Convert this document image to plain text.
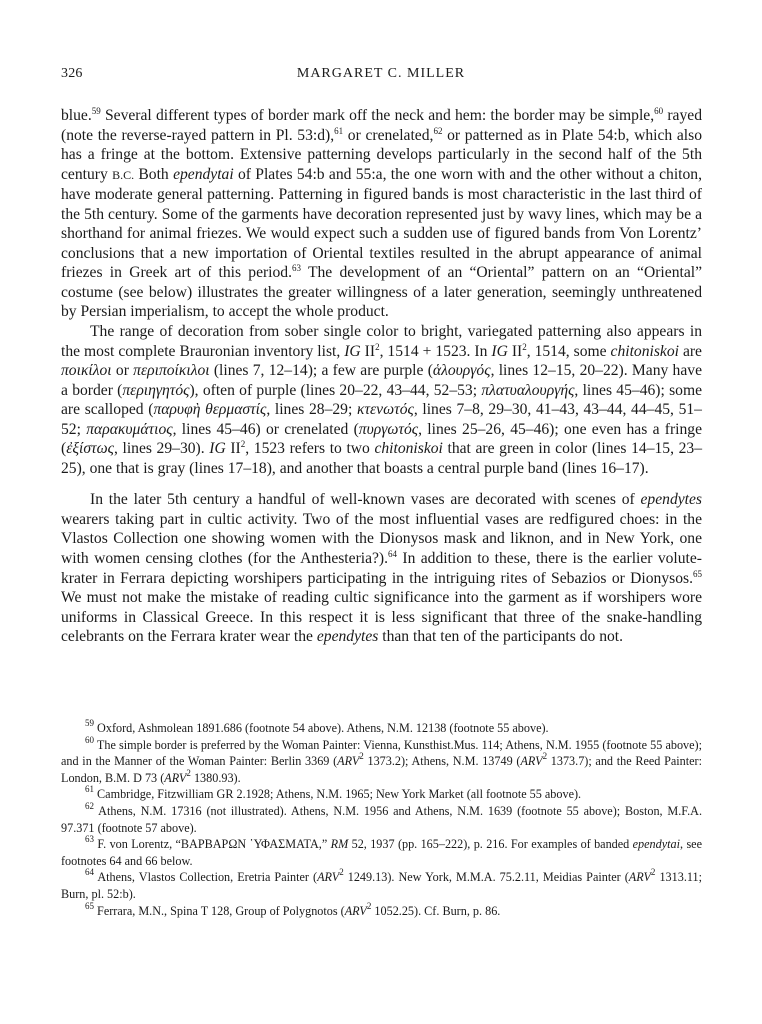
326	MARGARET C. MILLER

blue.$^{59}$ Several different types of border mark off the neck and hem: the border may be simple,$^{60}$ rayed (note the reverse-rayed pattern in Pl. 53:d),$^{61}$ or crenelated,$^{62}$ or patterned as in Plate 54:b, which also has a fringe at the bottom. Extensive patterning develops particularly in the second half of the 5th century B.C. Both ependytai of Plates 54:b and 55:a, the one worn with and the other without a chiton, have moderate general patterning. Patterning in figured bands is most characteristic in the last third of the 5th century. Some of the garments have decoration represented just by wavy lines, which may be a shorthand for animal friezes. We would expect such a sudden use of figured bands from Von Lorentz’ conclusions that a new importation of Oriental textiles resulted in the abrupt appearance of animal friezes in Greek art of this period.$^{63}$ The development of an “Oriental” pattern on an “Oriental” costume (see below) illustrates the greater willingness of a later generation, seemingly unthreatened by Persian imperialism, to accept the whole product.

The range of decoration from sober single color to bright, variegated patterning also appears in the most complete Brauronian inventory list, IG $II^2$, 1514 + 1523. In IG $II^2$, 1514, some chitoniskoi are ποικίλοι or περιποίκιλοι (lines 7, 12–14); a few are purple (ἁλουργός, lines 12–15, 20–22). Many have a border (περιηγητός), often of purple (lines 20–22, 43–44, 52–53; πλατυαλουργής, lines 45–46); some are scalloped (παρυφὴ θερμαστίς, lines 28–29; κτενωτός, lines 7–8, 29–30, 41–43, 43–44, 44–45, 51–52; παρακυμάτιος, lines 45–46) or crenelated (πυργωτός, lines 25–26, 45–46); one even has a fringe (ἐξίστως, lines 29–30). IG $II^2$, 1523 refers to two chitoniskoi that are green in color (lines 14–15, 23–25), one that is gray (lines 17–18), and another that boasts a central purple band (lines 16–17).

In the later 5th century a handful of well-known vases are decorated with scenes of ependytes wearers taking part in cultic activity. Two of the most influential vases are redfigured choes: in the Vlastos Collection one showing women with the Dionysos mask and liknon, and in New York, one with women censing clothes (for the Anthesteria?).$^{64}$ In addition to these, there is the earlier volute-krater in Ferrara depicting worshipers participating in the intriguing rites of Sebazios or Dionysos.$^{65}$ We must not make the mistake of reading cultic significance into the garment as if worshipers wore uniforms in Classical Greece. In this respect it is less significant that three of the snake-handling celebrants on the Ferrara krater wear the ependytes than that ten of the participants do not.

$^{59}$ Oxford, Ashmolean 1891.686 (footnote 54 above). Athens, N.M. 12138 (footnote 55 above).

$^{60}$ The simple border is preferred by the Woman Painter: Vienna, Kunsthist.Mus. 114; Athens, N.M. 1955 (footnote 55 above); and in the Manner of the Woman Painter: Berlin 3369 (ARV$^2$ 1373.2); Athens, N.M. 13749 (ARV$^2$ 1373.7); and the Reed Painter: London, B.M. D 73 (ARV$^2$ 1380.93).

$^{61}$ Cambridge, Fitzwilliam GR 2.1928; Athens, N.M. 1965; New York Market (all footnote 55 above).

$^{62}$ Athens, N.M. 17316 (not illustrated). Athens, N.M. 1956 and Athens, N.M. 1639 (footnote 55 above); Boston, M.F.A. 97.371 (footnote 57 above).

$^{63}$ F. von Lorentz, “ΒΑΡΒΑΡΩΝ ῾ΥΦΑΣΜΑΤΑ,” RM 52, 1937 (pp. 165–222), p. 216. For examples of banded ependytai, see footnotes 64 and 66 below.

$^{64}$ Athens, Vlastos Collection, Eretria Painter (ARV$^2$ 1249.13). New York, M.M.A. 75.2.11, Meidias Painter (ARV$^2$ 1313.11; Burn, pl. 52:b).

$^{65}$ Ferrara, M.N., Spina T 128, Group of Polygnotos (ARV$^2$ 1052.25). Cf. Burn, p. 86.
